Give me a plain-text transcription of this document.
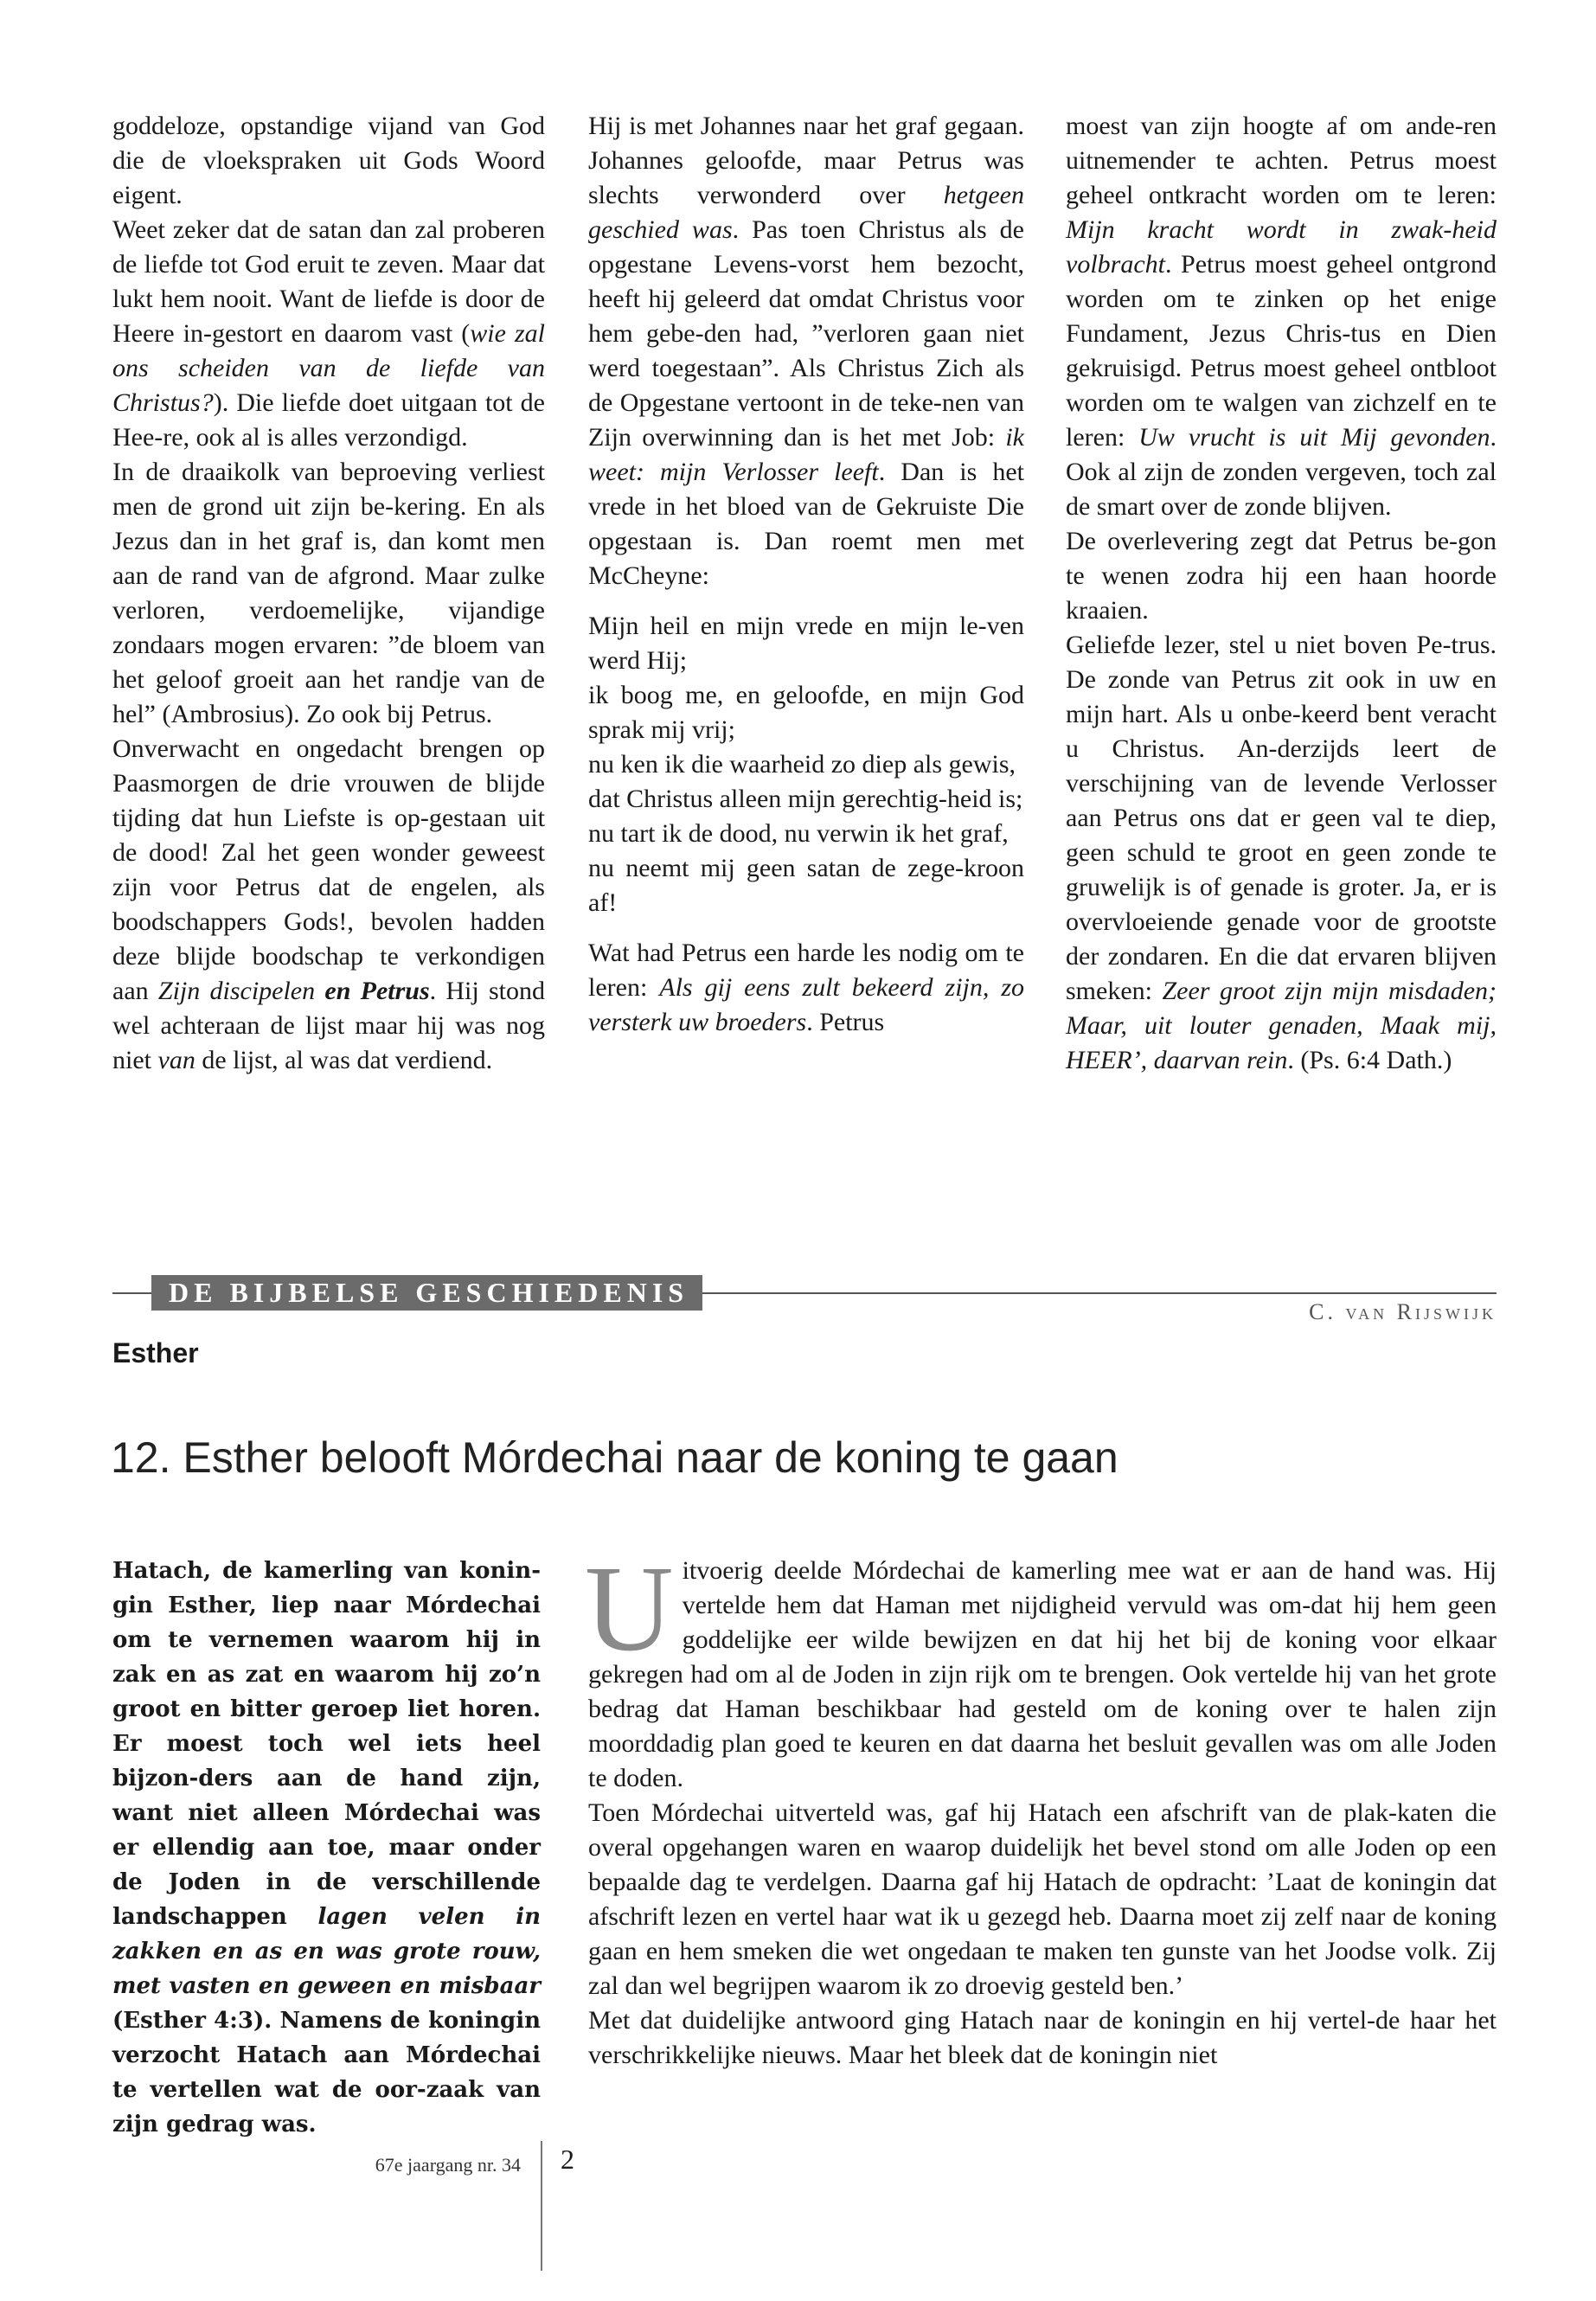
goddeloze, opstandige vijand van God die de vloekspraken uit Gods Woord eigent.

Weet zeker dat de satan dan zal proberen de liefde tot God eruit te zeven. Maar dat lukt hem nooit. Want de liefde is door de Heere in-gestort en daarom vast (wie zal ons scheiden van de liefde van Christus?). Die liefde doet uitgaan tot de Hee-re, ook al is alles verzondigd.

In de draaikolk van beproeving verliest men de grond uit zijn be-kering. En als Jezus dan in het graf is, dan komt men aan de rand van de afgrond. Maar zulke verloren, verdoemelijke, vijandige zondaars mogen ervaren: ”de bloem van het geloof groeit aan het randje van de hel” (Ambrosius). Zo ook bij Petrus.

Onverwacht en ongedacht brengen op Paasmorgen de drie vrouwen de blijde tijding dat hun Liefste is op-gestaan uit de dood! Zal het geen wonder geweest zijn voor Petrus dat de engelen, als boodschappers Gods!, bevolen hadden deze blijde boodschap te verkondigen aan Zijn discipelen en Petrus. Hij stond wel achteraan de lijst maar hij was nog niet van de lijst, al was dat verdiend.

Hij is met Johannes naar het graf gegaan. Johannes geloofde, maar Petrus was slechts verwonderd over hetgeen geschied was. Pas toen Christus als de opgestane Levens-vorst hem bezocht, heeft hij geleerd dat omdat Christus voor hem gebe-den had, ”verloren gaan niet werd toegestaan”. Als Christus Zich als de Opgestane vertoont in de teke-nen van Zijn overwinning dan is het met Job: ik weet: mijn Verlosser leeft. Dan is het vrede in het bloed van de Gekruiste Die opgestaan is. Dan roemt men met McCheyne:

Mijn heil en mijn vrede en mijn le-ven werd Hij;

ik boog me, en geloofde, en mijn God sprak mij vrij;

nu ken ik die waarheid zo diep als gewis,

dat Christus alleen mijn gerechtig-heid is;

nu tart ik de dood, nu verwin ik het graf,

nu neemt mij geen satan de zege-kroon af!

Wat had Petrus een harde les nodig om te leren: Als gij eens zult bekeerd zijn, zo versterk uw broeders. Petrus

moest van zijn hoogte af om ande-ren uitnemender te achten. Petrus moest geheel ontkracht worden om te leren: Mijn kracht wordt in zwak-heid volbracht. Petrus moest geheel ontgrond worden om te zinken op het enige Fundament, Jezus Chris-tus en Dien gekruisigd. Petrus moest geheel ontbloot worden om te walgen van zichzelf en te leren: Uw vrucht is uit Mij gevonden. Ook al zijn de zonden vergeven, toch zal de smart over de zonde blijven.

De overlevering zegt dat Petrus be-gon te wenen zodra hij een haan hoorde kraaien.

Geliefde lezer, stel u niet boven Pe-trus. De zonde van Petrus zit ook in uw en mijn hart. Als u onbe-keerd bent veracht u Christus. An-derzijds leert de verschijning van de levende Verlosser aan Petrus ons dat er geen val te diep, geen schuld te groot en geen zonde te gruwelijk is of genade is groter. Ja, er is overvloeiende genade voor de grootste der zondaren. En die dat ervaren blijven smeken: Zeer groot zijn mijn misdaden; Maar, uit louter genaden, Maak mij, HEER’, daarvan rein. (Ps. 6:4 Dath.)

DE BIJBELSE GESCHIEDENIS
C. van Rijswijk
Esther
12. Esther belooft Mórdechai naar de koning te gaan
Hatach, de kamerling van konin-gin Esther, liep naar Mórdechai om te vernemen waarom hij in zak en as zat en waarom hij zo’n groot en bitter geroep liet horen. Er moest toch wel iets heel bijzon-ders aan de hand zijn, want niet alleen Mórdechai was er ellendig aan toe, maar onder de Joden in de verschillende landschappen lagen velen in zakken en as en was grote rouw, met vasten en geween en misbaar (Esther 4:3). Namens de koningin verzocht Hatach aan Mórdechai te vertellen wat de oor-zaak van zijn gedrag was.

Uitvoerig deelde Mórdechai de kamerling mee wat er aan de hand was. Hij vertelde hem dat Haman met nijdigheid vervuld was om-dat hij hem geen goddelijke eer wilde bewijzen en dat hij het bij de koning voor elkaar gekregen had om al de Joden in zijn rijk om te brengen. Ook vertelde hij van het grote bedrag dat Haman beschikbaar had gesteld om de koning over te halen zijn moorddadig plan goed te keuren en dat daarna het besluit gevallen was om alle Joden te doden.

Toen Mórdechai uitverteld was, gaf hij Hatach een afschrift van de plak-katen die overal opgehangen waren en waarop duidelijk het bevel stond om alle Joden op een bepaalde dag te verdelgen. Daarna gaf hij Hatach de opdracht: ’Laat de koningin dat afschrift lezen en vertel haar wat ik u gezegd heb. Daarna moet zij zelf naar de koning gaan en hem smeken die wet ongedaan te maken ten gunste van het Joodse volk. Zij zal dan wel begrijpen waarom ik zo droevig gesteld ben.’

Met dat duidelijke antwoord ging Hatach naar de koningin en hij vertel-de haar het verschrikkelijke nieuws. Maar het bleek dat de koningin niet

67e jaargang nr. 34 2
